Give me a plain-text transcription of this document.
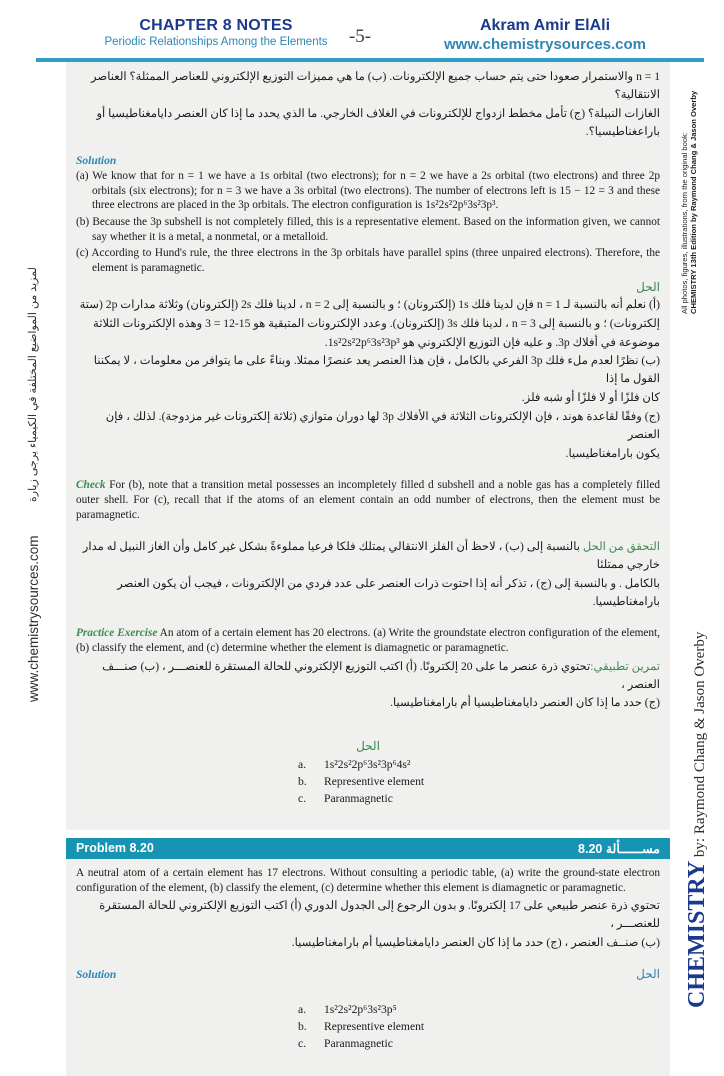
CHAPTER 8 NOTES
Periodic Relationships Among the Elements	-5-
Akram Amir ElAli
www.chemistrysources.com
لمزيد من المواضيع المختلفة في الكيمياء يرجى زيارة
www.chemistrysources.com
All photos, figures, illustrations, from the original book: CHEMISTRY 13th Edition by Raymond Chang & Jason Overby
CHEMISTRY by: Raymond Chang & Jason Overby

n = 1 والاستمرار صعودا حتى يتم حساب جميع الإلكترونات. (ب) ما هي مميزات التوزيع الإلكتروني للعناصر الممثلة؟ العناصر الانتقالية؟

الغازات النبيلة؟ (ج) تأمل مخطط ازدواج للإلكترونات في الغلاف الخارجي. ما الذي يحدد ما إذا كان العنصر دايامغناطيسيا أو باراعغناطيسيا؟.

Solution

(a) We know that for n = 1 we have a 1s orbital (two electrons); for n = 2 we have a 2s orbital (two electrons) and three 2p orbitals (six electrons); for n = 3 we have a 3s orbital (two electrons). The number of electrons left is 15 − 12 = 3 and these three electrons are placed in the 3p orbitals. The electron configuration is 1s²2s²2p⁶3s²3p³.

(b) Because the 3p subshell is not completely filled, this is a representative element. Based on the information given, we cannot say whether it is a metal, a nonmetal, or a metalloid.

(c) According to Hund's rule, the three electrons in the 3p orbitals have parallel spins (three unpaired electrons). Therefore, the element is paramagnetic.

الحل

(أ) نعلم أنه بالنسبة لـ n = 1 فإن لدينا فلك 1s (إلكترونان) ؛ و بالنسبة إلى n = 2 ، لدينا فلك 2s (إلكترونان) وثلاثة مدارات 2p (ستة

إلكترونات) ؛ و بالنسبة إلى n = 3 ، لدينا فلك 3s (إلكترونان). وعدد الإلكترونات المتبقية هو 15-12 = 3 وهذه الإلكترونات الثلاثة

موضوعة في أفلاك 3p. و عليه فإن التوزيع الإلكتروني هو 1s²2s²2p⁶3s²3p³.

(ب) نظرًا لعدم ملء فلك 3p الفرعي بالكامل ، فإن هذا العنصر يعد عنصرًا ممثلا. وبناءً على ما يتوافر من معلومات ، لا يمكننا القول ما إذا

كان فلزًا أو لا فلزًا أو شبه فلز.

(ج) وفقًا لقاعدة هوند ، فإن الإلكترونات الثلاثة في الأفلاك 3p لها دوران متوازي (ثلاثة إلكترونات غير مزدوجة). لذلك ، فإن العنصر

يكون بارامغناطيسيا.

Check For (b), note that a transition metal possesses an incompletely filled d subshell and a noble gas has a completely filled outer shell. For (c), recall that if the atoms of an element contain an odd number of electrons, then the element must be paramagnetic.

التحقق من الحل بالنسبة إلى (ب) ، لاحظ أن الفلز الانتقالي يمتلك فلكا فرعيا مملوءةً بشكل غير كامل وأن الغاز النبيل له مدار خارجي ممتلئا

بالكامل . و بالنسبة إلى (ج) ، تذكر أنه إذا احتوت ذرات العنصر على عدد فردي من الإلكترونات ، فيجب أن يكون العنصر بارامغناطيسيا.

Practice Exercise An atom of a certain element has 20 electrons. (a) Write the groundstate electron configuration of the element, (b) classify the element, and (c) determine whether the element is diamagnetic or paramagnetic.

تمرين تطبيقي:تحتوي ذرة عنصر ما على 20 إلكترونًا. (أ) اكتب التوزيع الإلكتروني للحالة المستقرة للعنصـــر ، (ب) صنـــف العنصر ،

(ج) حدد ما إذا كان العنصر دايامغناطيسيا أم بارامغناطيسيا.

الحل
a.	1s²2s²2p⁶3s²3p⁶4s²
b.	Representive element
c.	Paranmagnetic
Problem 8.20	مســــــألة 8.20

A neutral atom of a certain element has 17 electrons. Without consulting a periodic table, (a) write the ground-state electron configuration of the element, (b) classify the element, (c) determine whether this element is diamagnetic or paramagnetic.

تحتوي ذرة عنصر طبيعي على 17 إلكترونًا. و بدون الرجوع إلى الجدول الدوري (أ) اكتب التوزيع الإلكتروني للحالة المستقرة للعنصـــر ،

(ب) صنــف العنصر ، (ج) حدد ما إذا كان العنصر دايامغناطيسيا أم بارامغناطيسيا.

Solution	الحل
a.	1s²2s²2p⁶3s²3p⁵
b.	Representive element
c.	Paranmagnetic
